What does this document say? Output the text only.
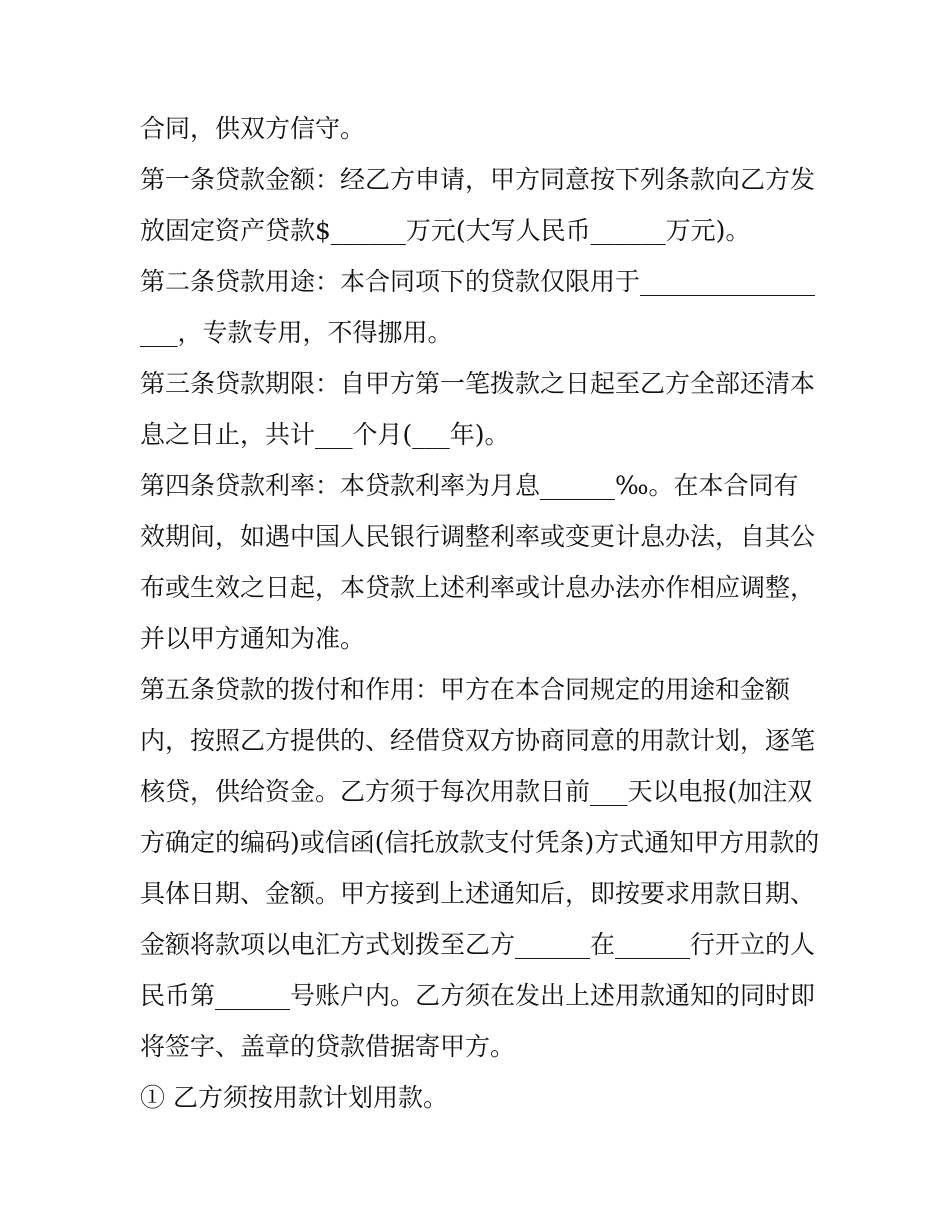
合同，供双方信守。

第一条贷款金额：经乙方申请，甲方同意按下列条款向乙方发放固定资产贷款$______万元(大写人民币______万元)。

第二条贷款用途：本合同项下的贷款仅限用于_________________，专款专用，不得挪用。

第三条贷款期限：自甲方第一笔拨款之日起至乙方全部还清本息之日止，共计___个月(___年)。

第四条贷款利率：本贷款利率为月息______‰。在本合同有效期间，如遇中国人民银行调整利率或变更计息办法，自其公布或生效之日起，本贷款上述利率或计息办法亦作相应调整，并以甲方通知为准。

第五条贷款的拨付和作用：甲方在本合同规定的用途和金额内，按照乙方提供的、经借贷双方协商同意的用款计划，逐笔核贷，供给资金。乙方须于每次用款日前___天以电报(加注双方确定的编码)或信函(信托放款支付凭条)方式通知甲方用款的具体日期、金额。甲方接到上述通知后，即按要求用款日期、金额将款项以电汇方式划拨至乙方______在______行开立的人民币第______号账户内。乙方须在发出上述用款通知的同时即将签字、盖章的贷款借据寄甲方。

① 乙方须按用款计划用款。
